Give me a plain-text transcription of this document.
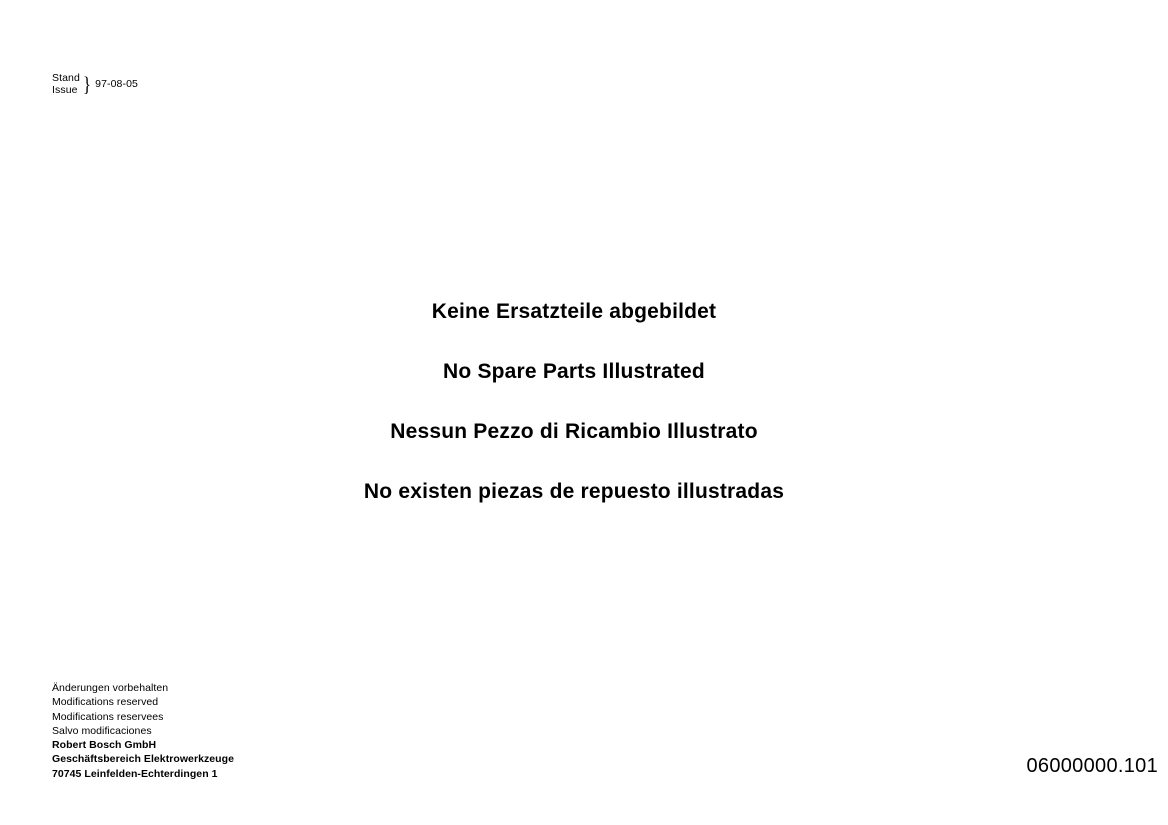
Stand
Issue } 97-08-05

Keine Ersatzteile abgebildet

No Spare Parts Illustrated

Nessun Pezzo di Ricambio Illustrato

No existen piezas de repuesto illustradas

Änderungen vorbehalten
Modifications reserved
Modifications reservees
Salvo modificaciones
Robert Bosch GmbH
Geschäftsbereich Elektrowerkzeuge
70745 Leinfelden-Echterdingen 1	06000000.101
